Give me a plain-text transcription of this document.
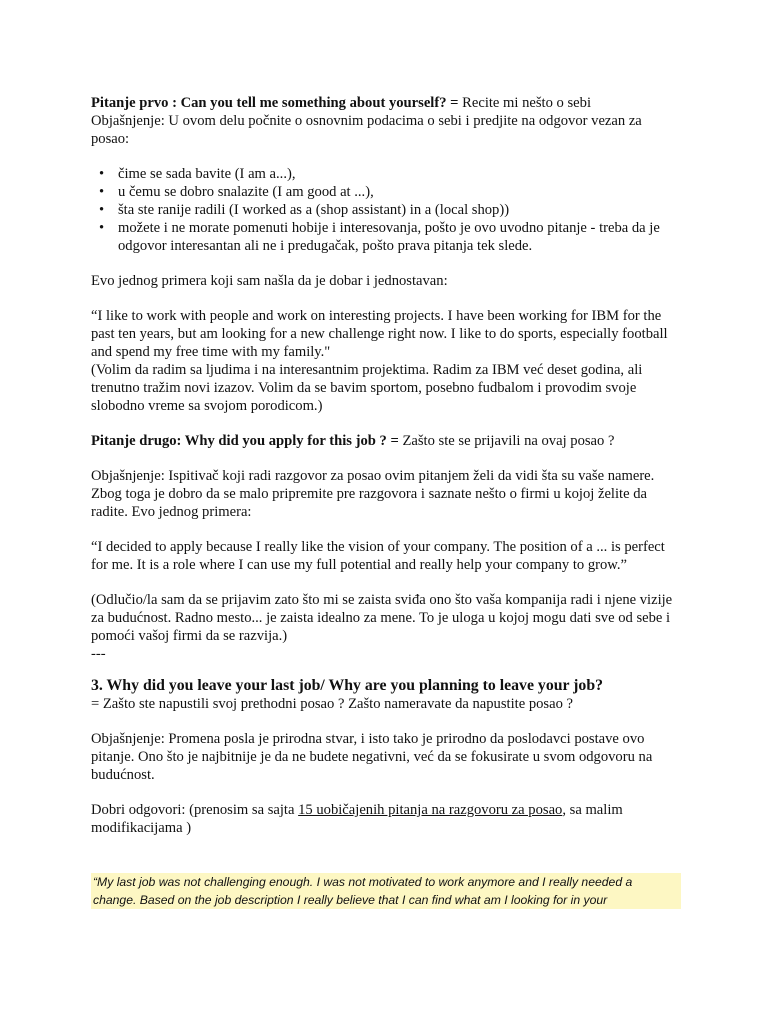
Pitanje prvo : Can you tell me something about yourself? = Recite mi nešto o sebi

Objašnjenje: U ovom delu počnite o osnovnim podacima o sebi i predjite na odgovor vezan za posao:

• čime se sada bavite (I am a...),
• u čemu se dobro snalazite (I am good at ...),
• šta ste ranije radili (I worked as a (shop assistant) in a (local shop))
• možete i ne morate pomenuti hobije i interesovanja, pošto je ovo uvodno pitanje - treba da je odgovor interesantan ali ne i predugačak, pošto prava pitanja tek slede.

Evo jednog primera koji sam našla da je dobar i jednostavan:

“I like to work with people and work on interesting projects. I have been working for IBM for the past ten years, but am looking for a new challenge right now. I like to do sports, especially football and spend my free time with my family."

(Volim da radim sa ljudima i na interesantnim projektima. Radim za IBM već deset godina, ali trenutno tražim novi izazov. Volim da se bavim sportom, posebno fudbalom i provodim svoje slobodno vreme sa svojom porodicom.)

Pitanje drugo: Why did you apply for this job ? = Zašto ste se prijavili na ovaj posao ?

Objašnjenje: Ispitivač koji radi razgovor za posao ovim pitanjem želi da vidi šta su vaše namere. Zbog toga je dobro da se malo pripremite pre razgovora i saznate nešto o firmi u kojoj želite da radite. Evo jednog primera:

“I decided to apply because I really like the vision of your company. The position of a ... is perfect for me. It is a role where I can use my full potential and really help your company to grow.”

(Odlučio/la sam da se prijavim zato što mi se zaista sviđa ono što vaša kompanija radi i njene vizije za budućnost. Radno mesto... je zaista idealno za mene. To je uloga u kojoj mogu dati sve od sebe i pomoći vašoj firmi da se razvija.)

---

3. Why did you leave your last job/ Why are you planning to leave your job?

= Zašto ste napustili svoj prethodni posao ? Zašto nameravate da napustite posao ?

Objašnjenje: Promena posla je prirodna stvar, i isto tako je prirodno da poslodavci postave ovo pitanje. Ono što je najbitnije je da ne budete negativni, već da se fokusirate u svom odgovoru na budućnost.

Dobri odgovori: (prenosim sa sajta 15 uobičajenih pitanja na razgovoru za posao, sa malim modifikacijama )

“My last job was not challenging enough. I was not motivated to work anymore and I really needed a change. Based on the job description I really believe that I can find what am I looking for in your
